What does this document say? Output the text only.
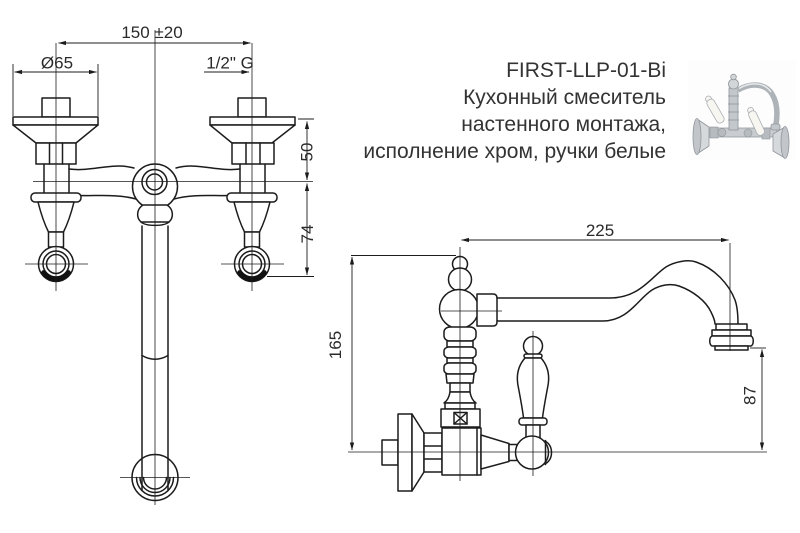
150 ±20
Ø65	1/2" G
50
74	225
165
87
FIRST-LLP-01-Bi
Кухонный смеситель
настенного монтажа,
исполнение хром, ручки белые
